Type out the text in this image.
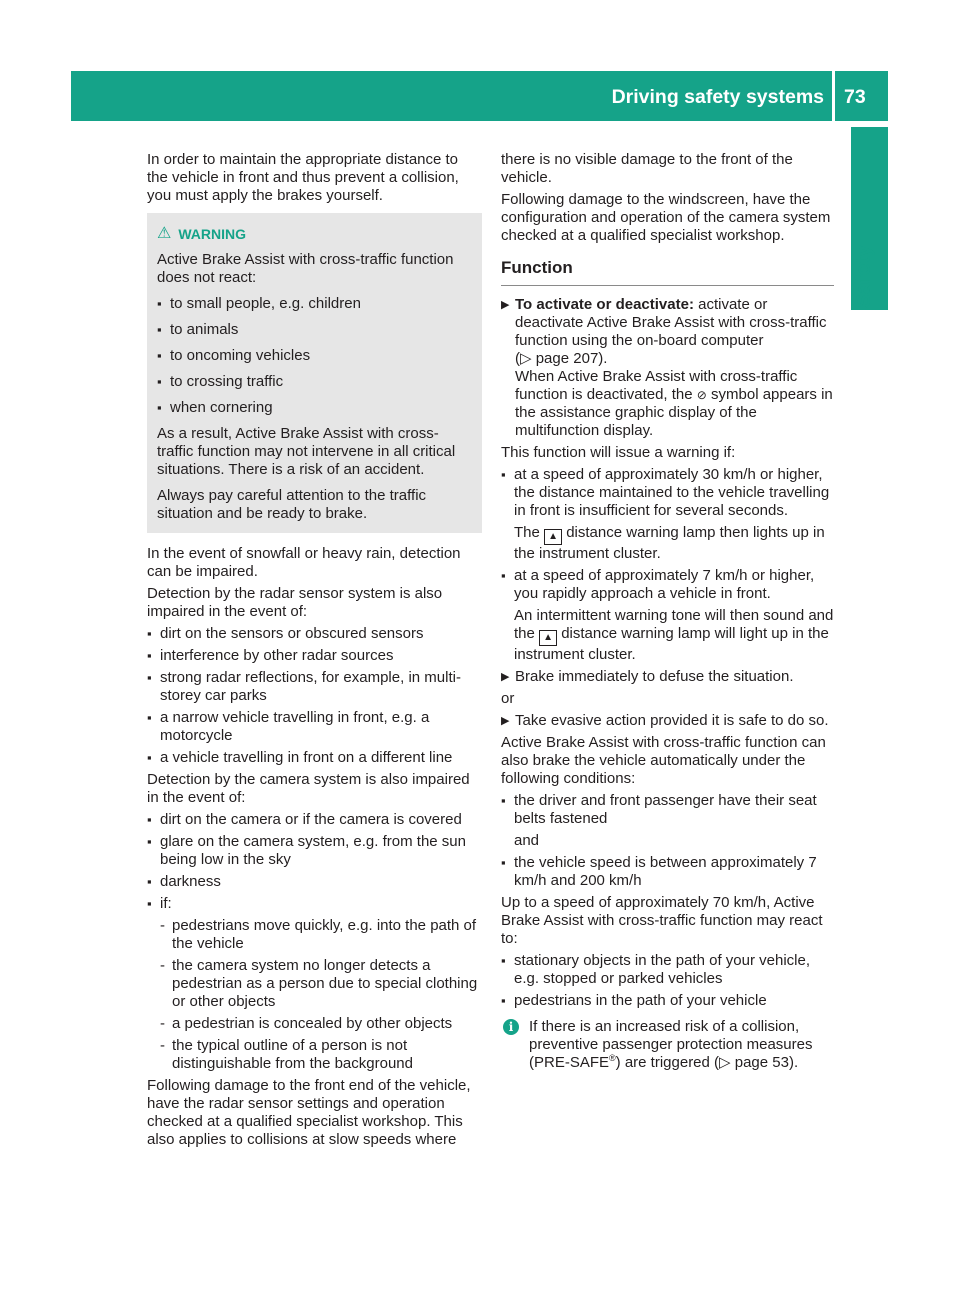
Driving safety systems 73
Safety

In order to maintain the appropriate distance to the vehicle in front and thus prevent a collision, you must apply the brakes yourself.

⚠ WARNING

Active Brake Assist with cross-traffic function does not react:

▪ to small people, e.g. children
▪ to animals
▪ to oncoming vehicles
▪ to crossing traffic
▪ when cornering

As a result, Active Brake Assist with cross-traffic function may not intervene in all critical situations. There is a risk of an accident.

Always pay careful attention to the traffic situation and be ready to brake.

In the event of snowfall or heavy rain, detection can be impaired.

Detection by the radar sensor system is also impaired in the event of:

▪ dirt on the sensors or obscured sensors
▪ interference by other radar sources
▪ strong radar reflections, for example, in multi-storey car parks
▪ a narrow vehicle travelling in front, e.g. a motorcycle
▪ a vehicle travelling in front on a different line

Detection by the camera system is also impaired in the event of:

▪ dirt on the camera or if the camera is covered
▪ glare on the camera system, e.g. from the sun being low in the sky
▪ darkness
▪ if:
- pedestrians move quickly, e.g. into the path of the vehicle
- the camera system no longer detects a pedestrian as a person due to special clothing or other objects
- a pedestrian is concealed by other objects
- the typical outline of a person is not distinguishable from the background

Following damage to the front end of the vehicle, have the radar sensor settings and operation checked at a qualified specialist workshop. This also applies to collisions at slow speeds where

there is no visible damage to the front of the vehicle.

Following damage to the windscreen, have the configuration and operation of the camera system checked at a qualified specialist workshop.

Function
▶ To activate or deactivate: activate or deactivate Active Brake Assist with cross-traffic function using the on-board computer
(▷ page 207).
When Active Brake Assist with cross-traffic function is deactivated, the ⊘ symbol appears in the assistance graphic display of the multifunction display.

This function will issue a warning if:

▪ at a speed of approximately 30 km/h or higher, the distance maintained to the vehicle travelling in front is insufficient for several seconds.
The ▲ distance warning lamp then lights up in the instrument cluster.
▪ at a speed of approximately 7 km/h or higher, you rapidly approach a vehicle in front.
An intermittent warning tone will then sound and the ▲ distance warning lamp will light up in the instrument cluster.
▶ Brake immediately to defuse the situation.

or

▶ Take evasive action provided it is safe to do so.

Active Brake Assist with cross-traffic function can also brake the vehicle automatically under the following conditions:

▪ the driver and front passenger have their seat belts fastened
and
▪ the vehicle speed is between approximately 7 km/h and 200 km/h

Up to a speed of approximately 70 km/h, Active Brake Assist with cross-traffic function may react to:

▪ stationary objects in the path of your vehicle, e.g. stopped or parked vehicles
▪ pedestrians in the path of your vehicle
i	If there is an increased risk of a collision, preventive passenger protection measures (PRE-SAFE®) are triggered (▷ page 53).
